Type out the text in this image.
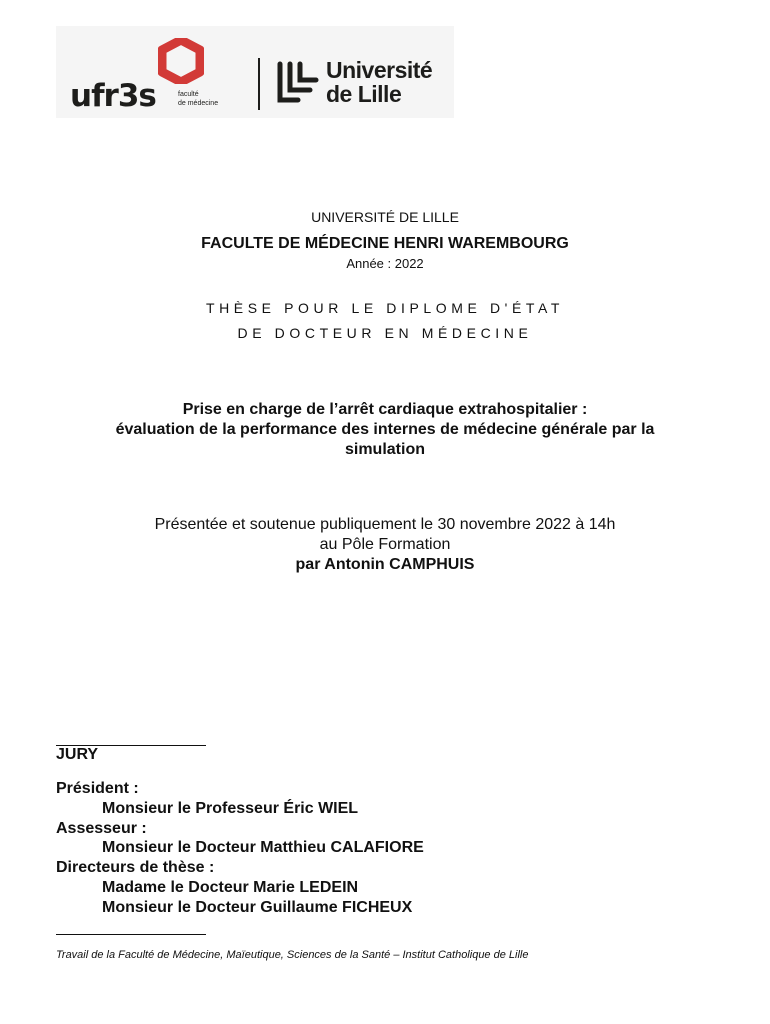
ufr3s	faculté
de médecine
Université
de Lille
UNIVERSITÉ DE LILLE
FACULTE DE MÉDECINE HENRI WAREMBOURG
Année : 2022
THÈSE POUR LE DIPLOME D'ÉTAT
DE DOCTEUR EN MÉDECINE
Prise en charge de l’arrêt cardiaque extrahospitalier :
évaluation de la performance des internes de médecine générale par la
simulation
Présentée et soutenue publiquement le 30 novembre 2022 à 14h
au Pôle Formation
par Antonin CAMPHUIS
JURY
Président :
Monsieur le Professeur Éric WIEL
Assesseur :
Monsieur le Docteur Matthieu CALAFIORE
Directeurs de thèse :
Madame le Docteur Marie LEDEIN
Monsieur le Docteur Guillaume FICHEUX
Travail de la Faculté de Médecine, Maïeutique, Sciences de la Santé – Institut Catholique de Lille
